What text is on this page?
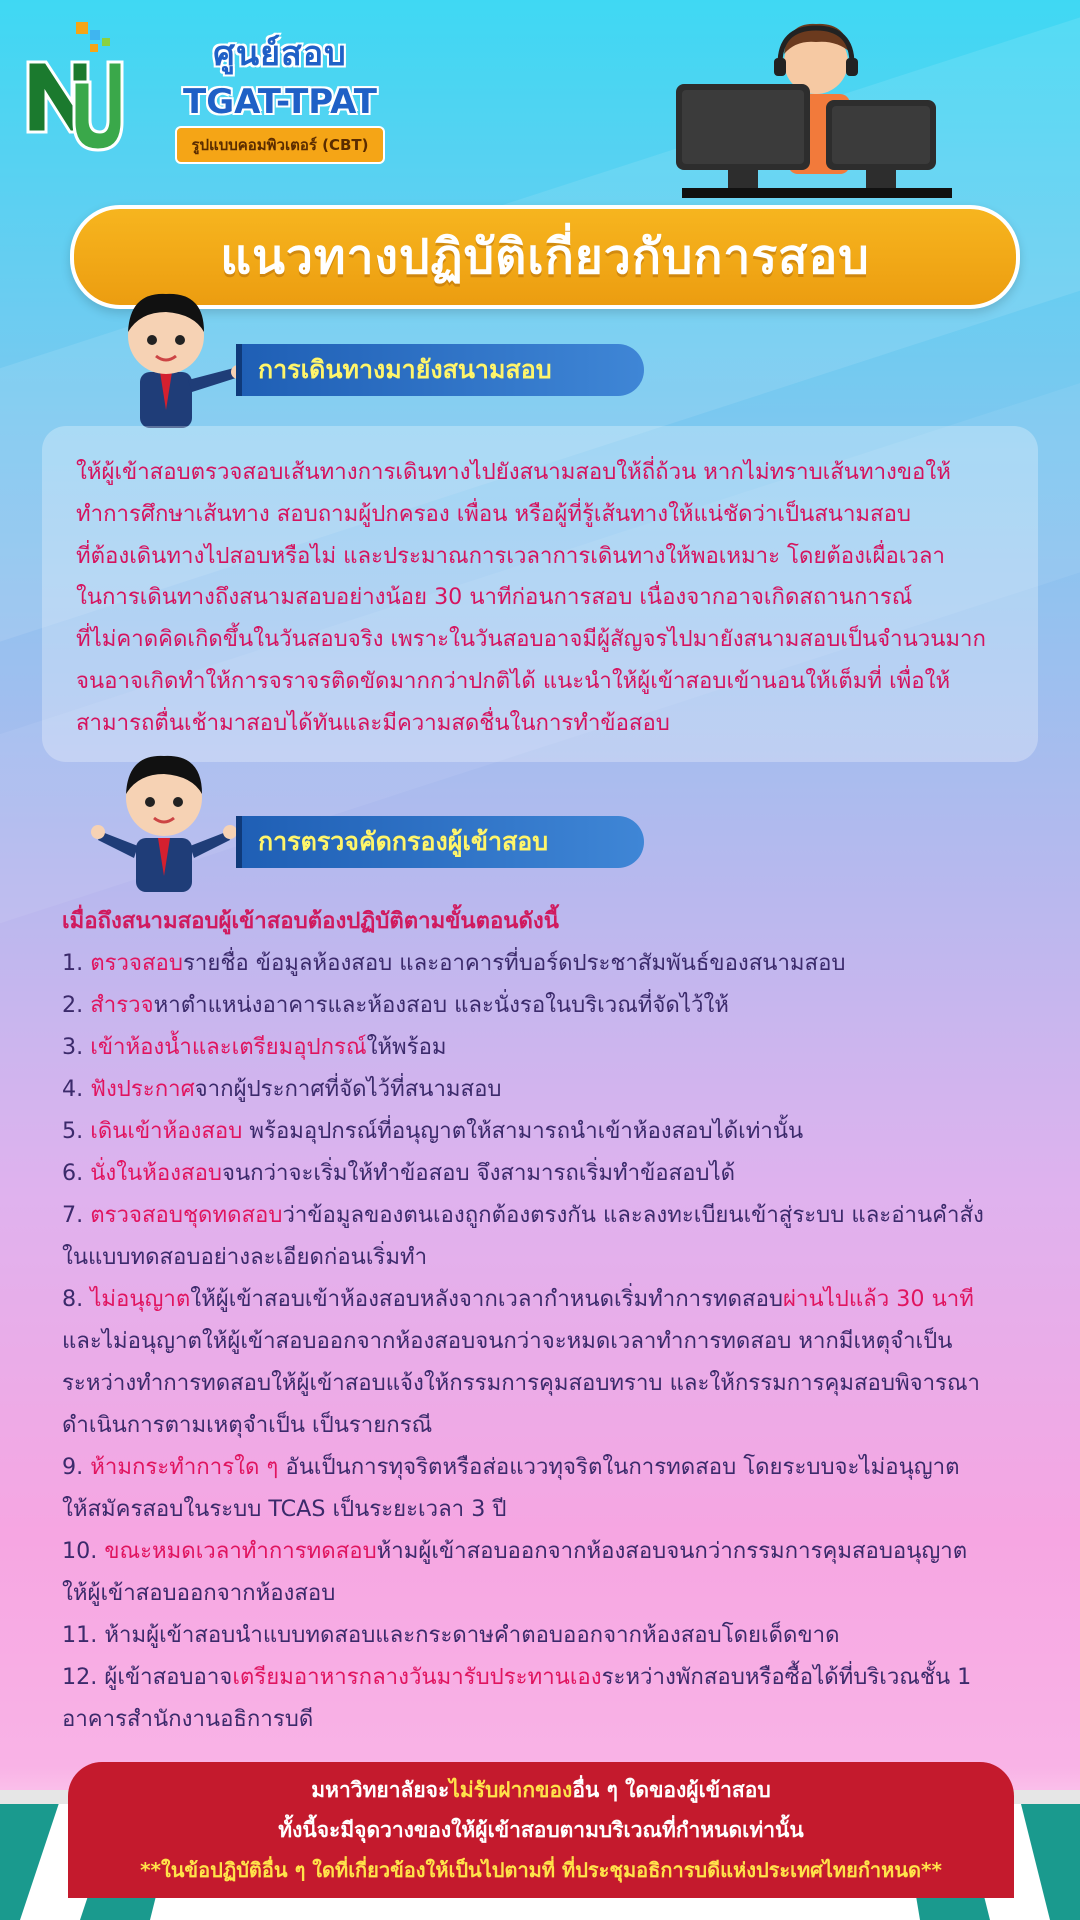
ศูนย์สอบ
TGAT-TPAT
รูปแบบคอมพิวเตอร์ (CBT)
แนวทางปฏิบัติเกี่ยวกับการสอบ
การเดินทางมายังสนามสอบ

ให้ผู้เข้าสอบตรวจสอบเส้นทางการเดินทางไปยังสนามสอบให้ถี่ถ้วน หากไม่ทราบเส้นทางขอให้

ทำการศึกษาเส้นทาง สอบถามผู้ปกครอง เพื่อน หรือผู้ที่รู้เส้นทางให้แน่ชัดว่าเป็นสนามสอบ

ที่ต้องเดินทางไปสอบหรือไม่ และประมาณการเวลาการเดินทางให้พอเหมาะ โดยต้องเผื่อเวลา

ในการเดินทางถึงสนามสอบอย่างน้อย 30 นาทีก่อนการสอบ เนื่องจากอาจเกิดสถานการณ์

ที่ไม่คาดคิดเกิดขึ้นในวันสอบจริง เพราะในวันสอบอาจมีผู้สัญจรไปมายังสนามสอบเป็นจำนวนมาก

จนอาจเกิดทำให้การจราจรติดขัดมากกว่าปกติได้ แนะนำให้ผู้เข้าสอบเข้านอนให้เต็มที่ เพื่อให้

สามารถตื่นเช้ามาสอบได้ทันและมีความสดชื่นในการทำข้อสอบ

การตรวจคัดกรองผู้เข้าสอบ
เมื่อถึงสนามสอบผู้เข้าสอบต้องปฏิบัติตามขั้นตอนดังนี้
1. ตรวจสอบรายชื่อ ข้อมูลห้องสอบ และอาคารที่บอร์ดประชาสัมพันธ์ของสนามสอบ
2. สำรวจหาตำแหน่งอาคารและห้องสอบ และนั่งรอในบริเวณที่จัดไว้ให้
3. เข้าห้องน้ำและเตรียมอุปกรณ์ให้พร้อม
4. ฟังประกาศจากผู้ประกาศที่จัดไว้ที่สนามสอบ
5. เดินเข้าห้องสอบ พร้อมอุปกรณ์ที่อนุญาตให้สามารถนำเข้าห้องสอบได้เท่านั้น
6. นั่งในห้องสอบจนกว่าจะเริ่มให้ทำข้อสอบ จึงสามารถเริ่มทำข้อสอบได้
7. ตรวจสอบชุดทดสอบว่าข้อมูลของตนเองถูกต้องตรงกัน และลงทะเบียนเข้าสู่ระบบ และอ่านคำสั่ง
ในแบบทดสอบอย่างละเอียดก่อนเริ่มทำ
8. ไม่อนุญาตให้ผู้เข้าสอบเข้าห้องสอบหลังจากเวลากำหนดเริ่มทำการทดสอบผ่านไปแล้ว 30 นาที
และไม่อนุญาตให้ผู้เข้าสอบออกจากห้องสอบจนกว่าจะหมดเวลาทำการทดสอบ หากมีเหตุจำเป็น
ระหว่างทำการทดสอบให้ผู้เข้าสอบแจ้งให้กรรมการคุมสอบทราบ และให้กรรมการคุมสอบพิจารณา
ดำเนินการตามเหตุจำเป็น เป็นรายกรณี
9. ห้ามกระทำการใด ๆ อันเป็นการทุจริตหรือส่อแววทุจริตในการทดสอบ โดยระบบจะไม่อนุญาต
ให้สมัครสอบในระบบ TCAS เป็นระยะเวลา 3 ปี
10. ขณะหมดเวลาทำการทดสอบห้ามผู้เข้าสอบออกจากห้องสอบจนกว่ากรรมการคุมสอบอนุญาต
ให้ผู้เข้าสอบออกจากห้องสอบ
11. ห้ามผู้เข้าสอบนำแบบทดสอบและกระดาษคำตอบออกจากห้องสอบโดยเด็ดขาด
12. ผู้เข้าสอบอาจเตรียมอาหารกลางวันมารับประทานเองระหว่างพักสอบหรือซื้อได้ที่บริเวณชั้น 1
อาคารสำนักงานอธิการบดี
มหาวิทยาลัยจะไม่รับฝากของอื่น ๆ ใดของผู้เข้าสอบ
ทั้งนี้จะมีจุดวางของให้ผู้เข้าสอบตามบริเวณที่กำหนดเท่านั้น
**ในข้อปฏิบัติอื่น ๆ ใดที่เกี่ยวข้องให้เป็นไปตามที่ ที่ประชุมอธิการบดีแห่งประเทศไทยกำหนด**
